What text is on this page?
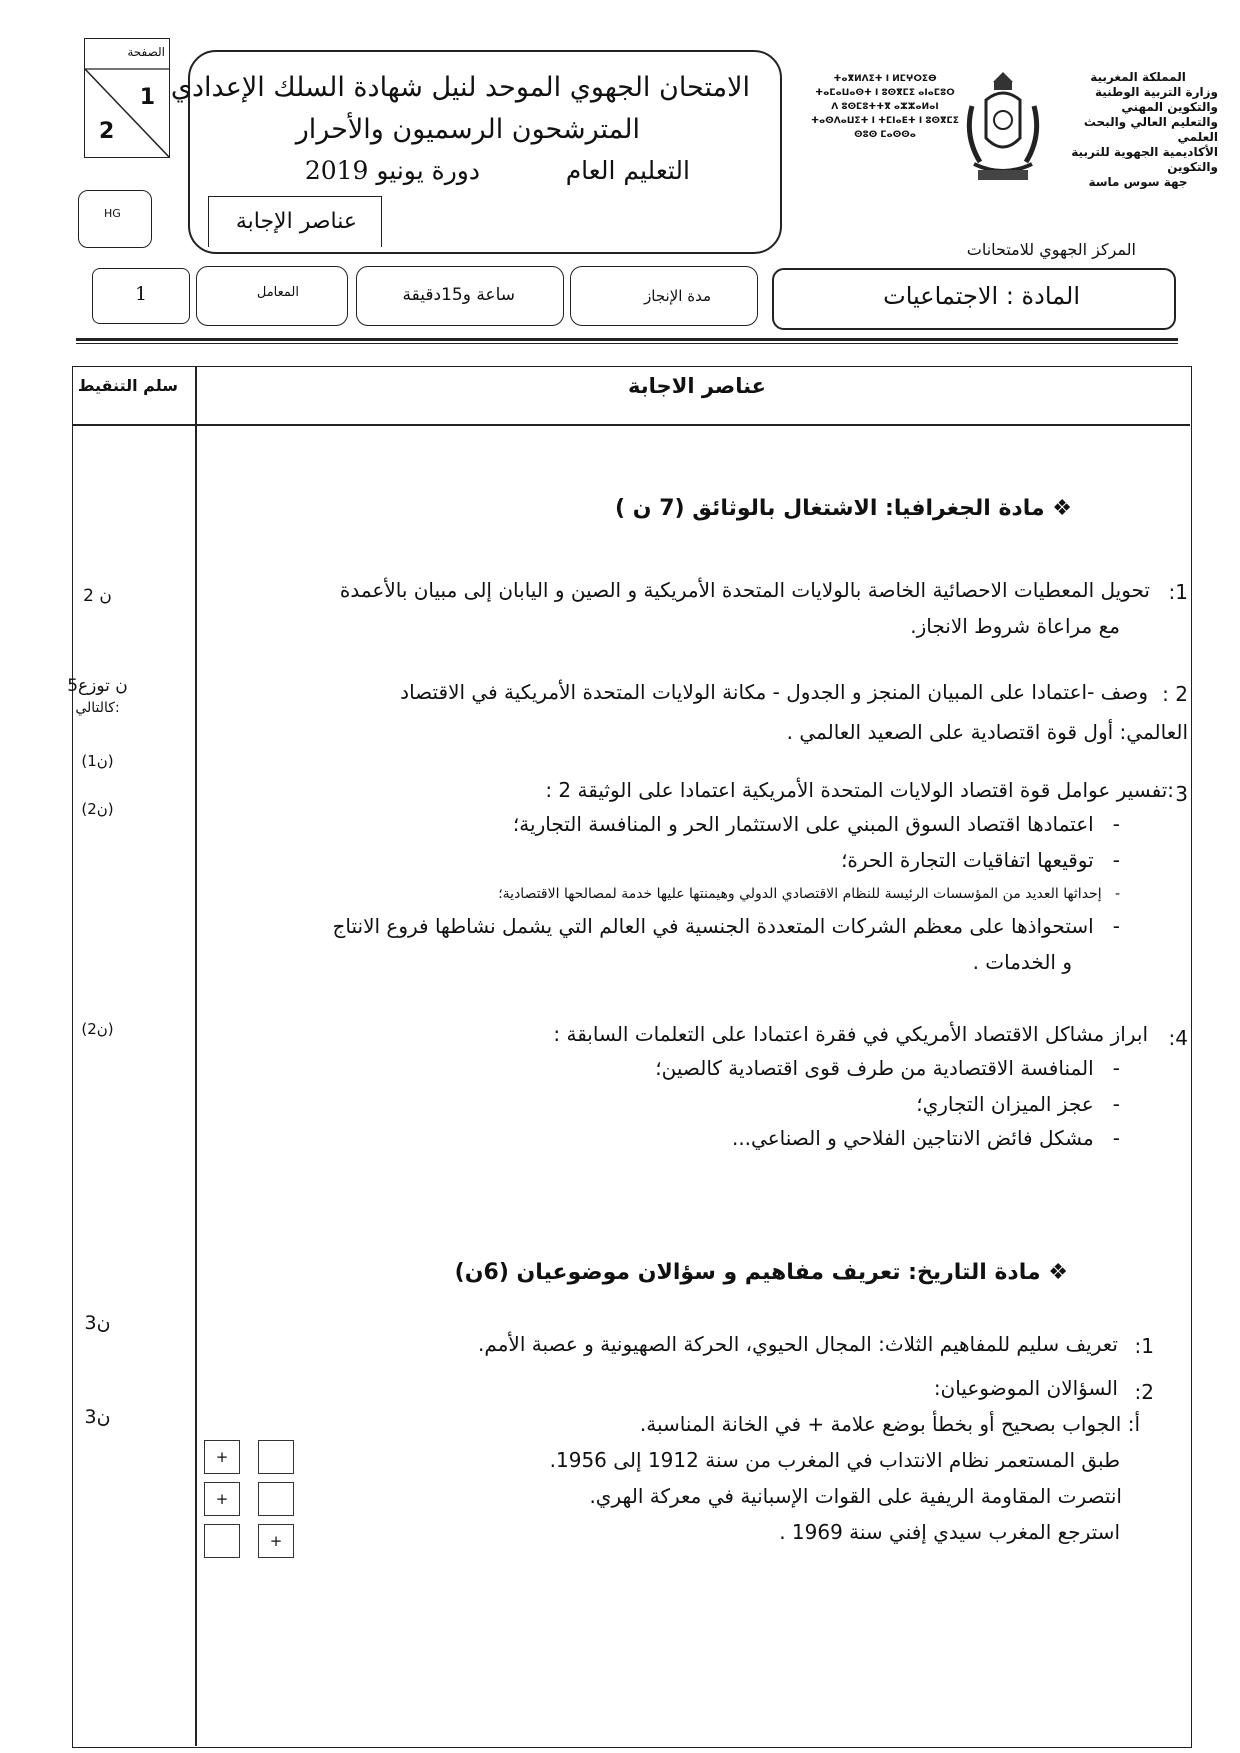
الصفحة
1
2
HG
الامتحان الجهوي الموحد لنيل شهادة السلك الإعدادي
المترشحون الرسميون والأحرار
التعليم العام
دورة يونيو 2019
عناصر الإجابة
ⵜⴰⴳⵍⴷⵉⵜ ⵏ ⵍⵎⵖⵔⵉⴱ
ⵜⴰⵎⴰⵡⴰⵙⵜ ⵏ ⵓⵙⴳⵎⵉ ⴰⵏⴰⵎⵓⵔ
ⴷ ⵓⵙⵎⵓⵜⵜⴳ ⴰⵣⵣⴰⵍⴰⵏ
ⵜⴰⵙⴷⴰⵡⵉⵜ ⵏ ⵜⵎⵏⴰⴹⵜ ⵏ ⵓⵙⴳⵎⵉ
ⵙⵓⵙ ⵎⴰⵙⵙⴰ
المملكة المغربية
وزارة التربية الوطنية والتكوين المهني
والتعليم العالي والبحث العلمي
الأكاديمية الجهوية للتربية والتكوين
جهة سوس ماسة
المركز الجهوي للامتحانات
المادة : الاجتماعيات
مدة الإنجاز
ساعة و15دقيقة
المعامل
1
عناصر الاجابة
سلم التنقيط
❖ مادة الجغرافيا: الاشتغال بالوثائق (7 ن )
1:
تحويل المعطيات الاحصائية الخاصة بالولايات المتحدة الأمريكية و الصين و اليابان إلى مبيان بالأعمدة
مع مراعاة شروط الانجاز.
2 ن
2 :
وصف -اعتمادا على المبيان المنجز و الجدول - مكانة الولايات المتحدة الأمريكية في الاقتصاد
العالمي: أول قوة اقتصادية على الصعيد العالمي .
5ن توزع
كالتالي:
(1ن)
3
:تفسير عوامل قوة اقتصاد الولايات المتحدة الأمريكية اعتمادا على الوثيقة 2 :
(2ن)
-   اعتمادها اقتصاد السوق المبني على الاستثمار الحر و المنافسة التجارية؛
-   توقيعها اتفاقيات التجارة الحرة؛
-   إحداثها العديد من المؤسسات الرئيسة للنظام الاقتصادي الدولي وهيمنتها عليها خدمة لمصالحها الاقتصادية؛
-   استحواذها على معظم الشركات المتعددة الجنسية في العالم التي يشمل نشاطها فروع الانتاج
و الخدمات .
4:
ابراز مشاكل الاقتصاد الأمريكي في فقرة اعتمادا على التعلمات السابقة :
(2ن)
-   المنافسة الاقتصادية من طرف قوى اقتصادية كالصين؛
-   عجز الميزان التجاري؛
-   مشكل فائض الانتاجين الفلاحي و الصناعي...
❖ مادة التاريخ: تعريف مفاهيم و سؤالان موضوعيان (6ن)
1:
تعريف سليم للمفاهيم الثلاث: المجال الحيوي، الحركة الصهيونية و عصبة الأمم.
3ن
2:
السؤالان الموضوعيان:
3ن	أ: الجواب بصحيح أو بخطأ بوضع علامة + في الخانة المناسبة.
طبق المستعمر نظام الانتداب في المغرب من سنة 1912 إلى 1956.
انتصرت المقاومة الريفية على القوات الإسبانية في معركة الهري.
استرجع المغرب سيدي إفني سنة 1969 .
+
+
+
